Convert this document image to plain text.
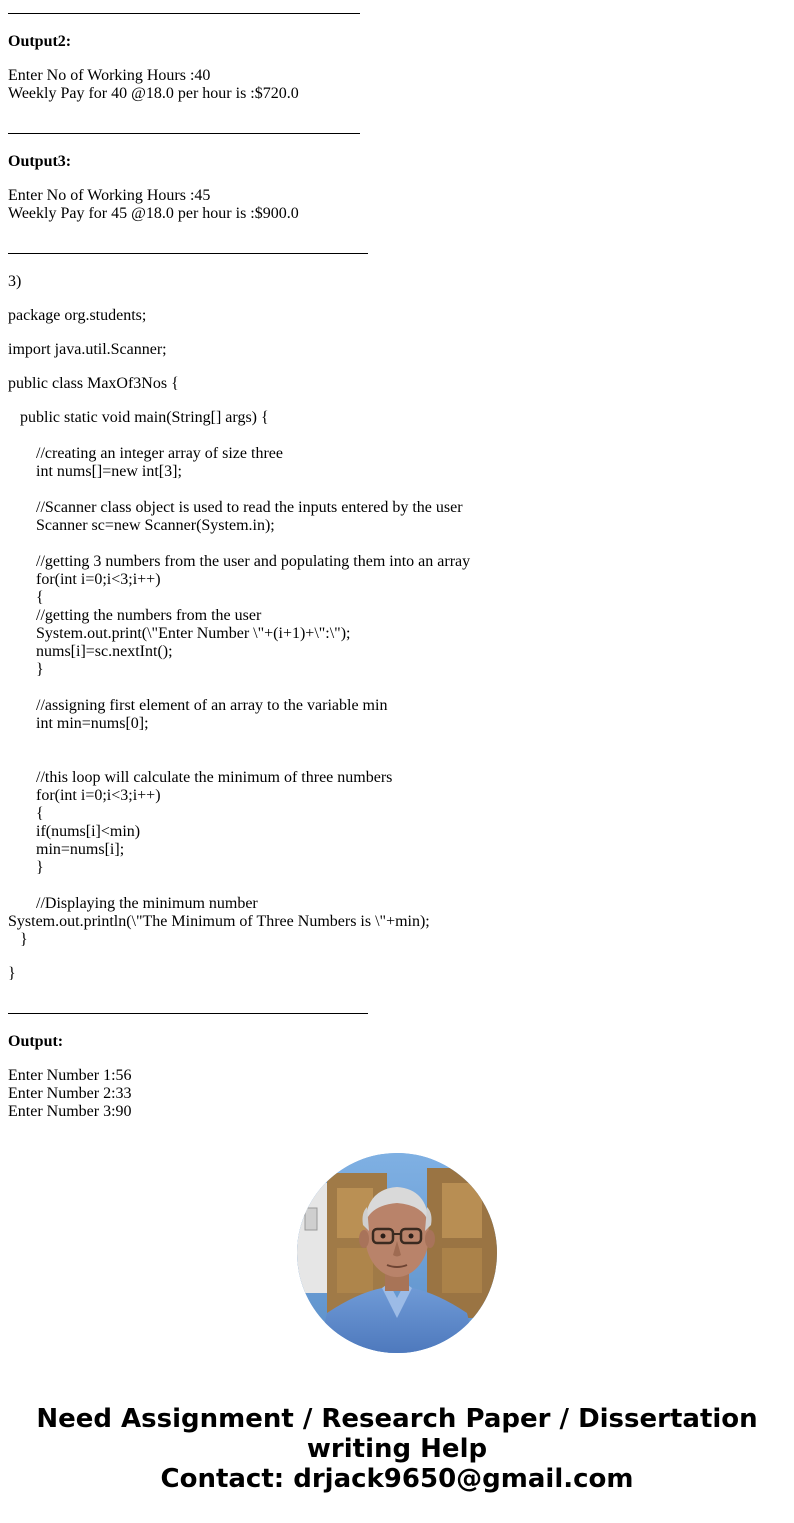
Output2:
Enter No of Working Hours :40
Weekly Pay for 40 @18.0 per hour is :$720.0
Output3:
Enter No of Working Hours :45
Weekly Pay for 45 @18.0 per hour is :$900.0
3)
package org.students;
import java.util.Scanner;
public class MaxOf3Nos {
public static void main(String[] args) {
//creating an integer array of size three
int nums[]=new int[3];
//Scanner class object is used to read the inputs entered by the user
Scanner sc=new Scanner(System.in);
//getting 3 numbers from the user and populating them into an array
for(int i=0;i<3;i++)
{
//getting the numbers from the user
System.out.print(\"Enter Number \"+(i+1)+\":\");
nums[i]=sc.nextInt();
}
//assigning first element of an array to the variable min
int min=nums[0];
//this loop will calculate the minimum of three numbers
for(int i=0;i<3;i++)
{
if(nums[i]<min)
min=nums[i];
}
//Displaying the minimum number
System.out.println(\"The Minimum of Three Numbers is \"+min);
}
}
Output:
Enter Number 1:56
Enter Number 2:33
Enter Number 3:90
Need Assignment / Research Paper / Dissertation
writing Help
Contact: drjack9650@gmail.com
